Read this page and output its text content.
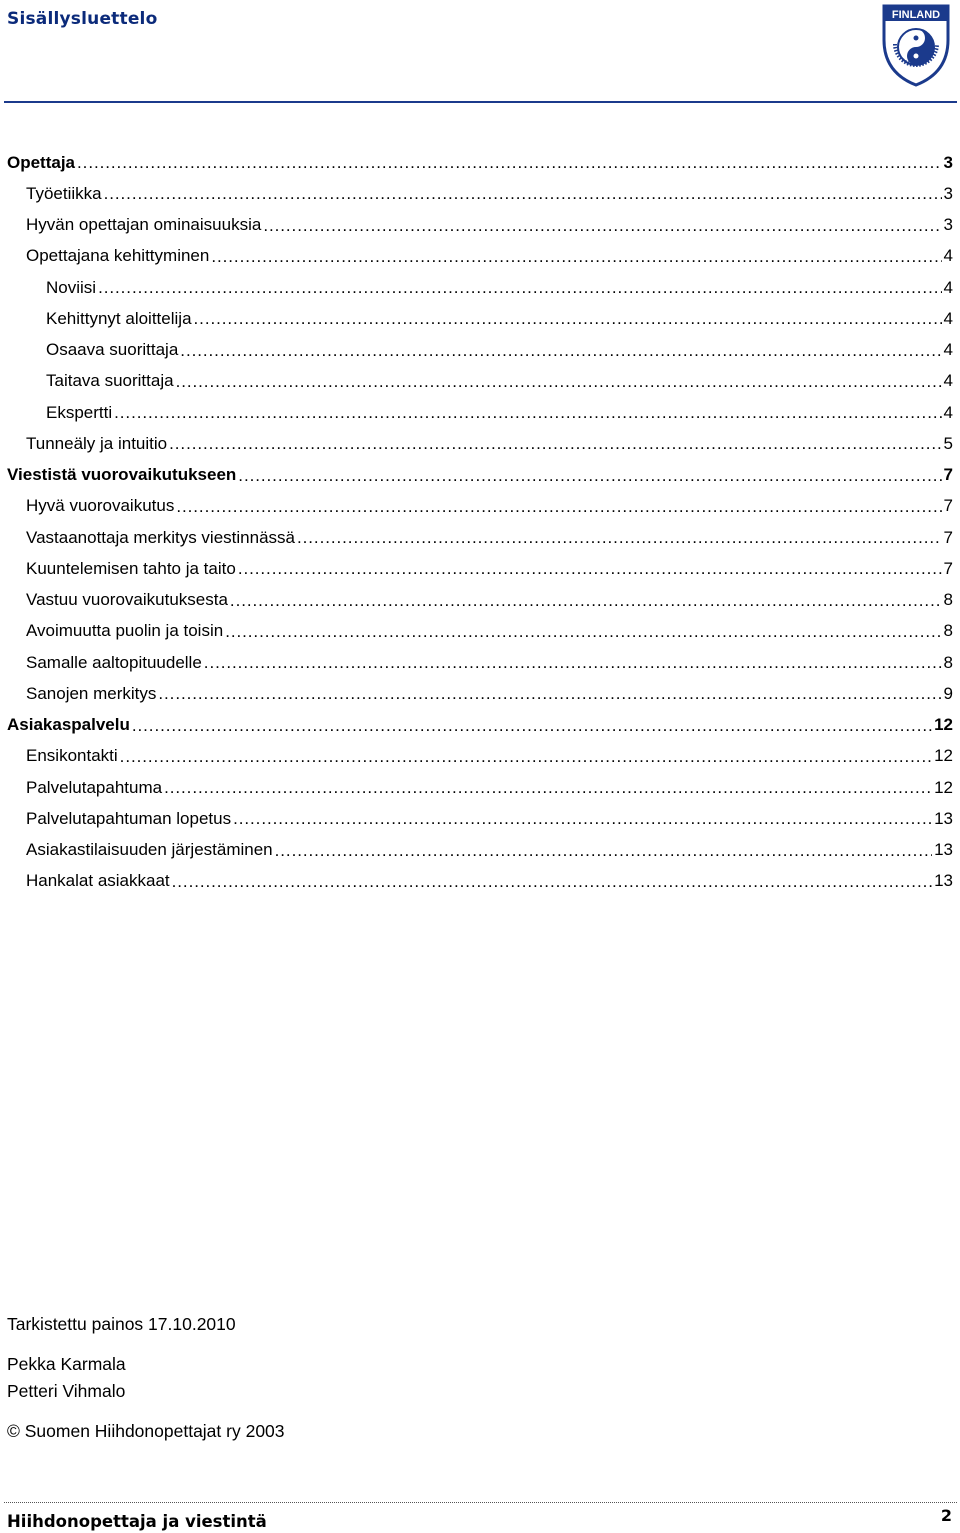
Sisällysluettelo	FINLAND
Opettaja . . .	3
Työetiikka . . .	3
Hyvän opettajan ominaisuuksia . . .	3
Opettajana kehittyminen . . .	4
Noviisi . . .	4
Kehittynyt aloittelija . . .	4
Osaava suorittaja . . .	4
Taitava suorittaja . . .	4
Ekspertti . . .	4
Tunneäly ja intuitio . . .	5
Viestistä vuorovaikutukseen . . .	7
Hyvä vuorovaikutus . . .	7
Vastaanottaja merkitys viestinnässä . . .	7
Kuuntelemisen tahto ja taito . . .	7
Vastuu vuorovaikutuksesta . . .	8
Avoimuutta puolin ja toisin . . .	8
Samalle aaltopituudelle . . .	8
Sanojen merkitys . . .	9
Asiakaspalvelu . . .	12
Ensikontakti . . .	12
Palvelutapahtuma . . .	12
Palvelutapahtuman lopetus . . .	13
Asiakastilaisuuden järjestäminen . . .	13
Hankalat asiakkaat . . .	13
Tarkistettu painos 17.10.2010
Pekka Karmala
Petteri Vihmalo
© Suomen Hiihdonopettajat ry 2003
Hiihdonopettaja ja viestintä	2
